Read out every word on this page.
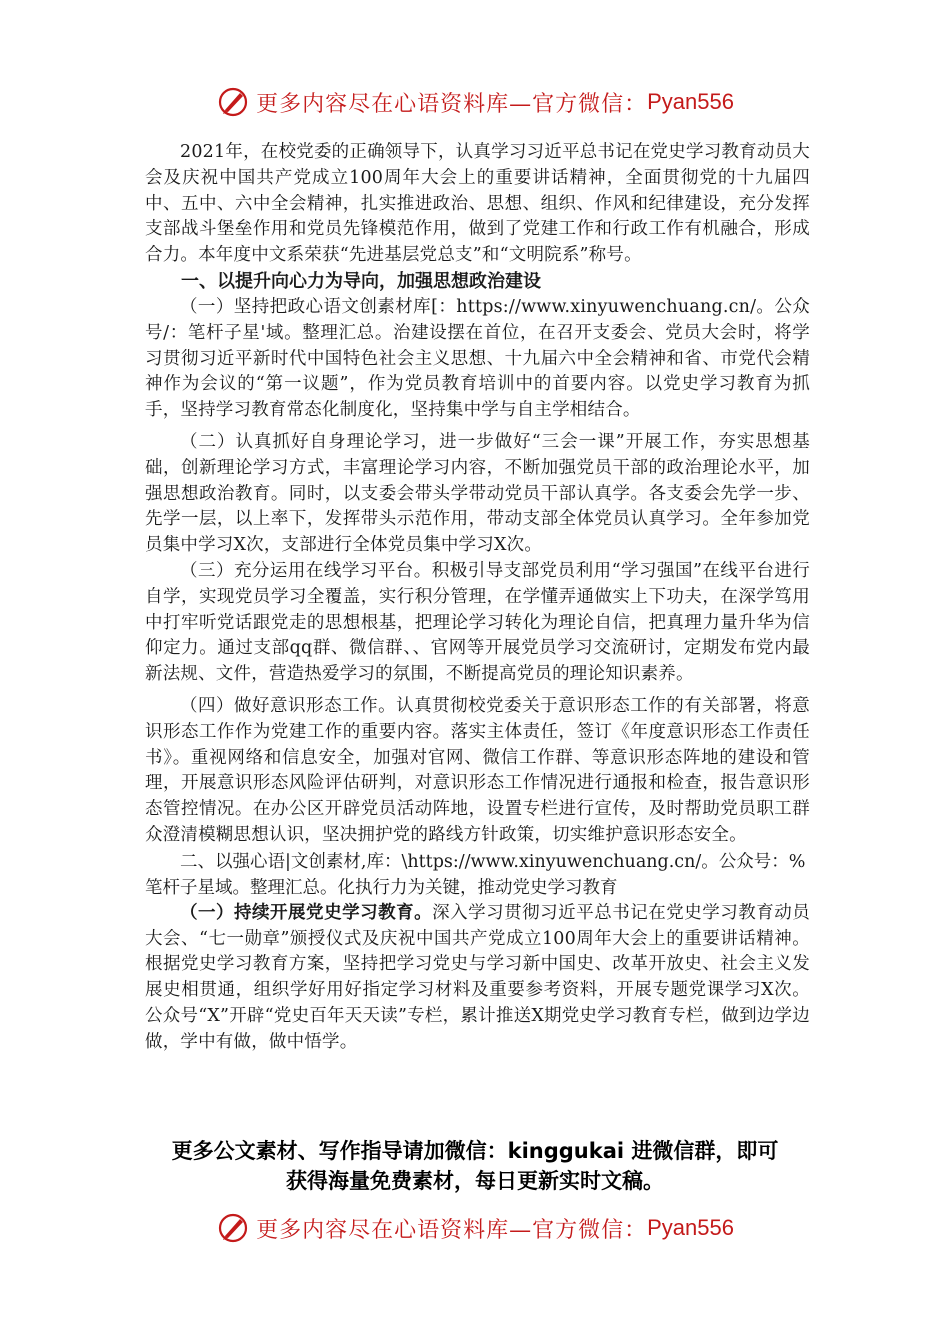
更多内容尽在心语资料库—官方微信： Pyan556

2021年，在校党委的正确领导下，认真学习习近平总书记在党史学习教育动员大会及庆祝中国共产党成立100周年大会上的重要讲话精神，全面贯彻党的十九届四中、五中、六中全会精神，扎实推进政治、思想、组织、作风和纪律建设，充分发挥支部战斗堡垒作用和党员先锋模范作用，做到了党建工作和行政工作有机融合，形成合力。本年度中文系荣获“先进基层党总支”和“文明院系”称号。

一、以提升向心力为导向，加强思想政治建设

（一）坚持把政心语文创素材库[：https://www.xinyuwenchuang.cn/。公众号/：笔杆子星'域。整理汇总。治建设摆在首位，在召开支委会、党员大会时，将学习贯彻习近平新时代中国特色社会主义思想、十九届六中全会精神和省、市党代会精神作为会议的“第一议题”，作为党员教育培训中的首要内容。以党史学习教育为抓手，坚持学习教育常态化制度化，坚持集中学与自主学相结合。

（二）认真抓好自身理论学习，进一步做好“三会一课”开展工作，夯实思想基础，创新理论学习方式，丰富理论学习内容，不断加强党员干部的政治理论水平，加强思想政治教育。同时，以支委会带头学带动党员干部认真学。各支委会先学一步、先学一层，以上率下，发挥带头示范作用，带动支部全体党员认真学习。全年参加党员集中学习X次，支部进行全体党员集中学习X次。

（三）充分运用在线学习平台。积极引导支部党员利用“学习强国”在线平台进行自学，实现党员学习全覆盖，实行积分管理，在学懂弄通做实上下功夫，在深学笃用中打牢听党话跟党走的思想根基，把理论学习转化为理论自信，把真理力量升华为信仰定力。通过支部qq群、微信群、、官网等开展党员学习交流研讨，定期发布党内最新法规、文件，营造热爱学习的氛围，不断提高党员的理论知识素养。

（四）做好意识形态工作。认真贯彻校党委关于意识形态工作的有关部署，将意识形态工作作为党建工作的重要内容。落实主体责任，签订《年度意识形态工作责任书》。重视网络和信息安全，加强对官网、微信工作群、等意识形态阵地的建设和管理，开展意识形态风险评估研判，对意识形态工作情况进行通报和检查，报告意识形态管控情况。在办公区开辟党员活动阵地，设置专栏进行宣传，及时帮助党员职工群众澄清模糊思想认识，坚决拥护党的路线方针政策，切实维护意识形态安全。

二、以强心语|文创素材,库：\https://www.xinyuwenchuang.cn/。公众号：%笔杆子星域。整理汇总。化执行力为关键，推动党史学习教育

（一）持续开展党史学习教育。深入学习贯彻习近平总书记在党史学习教育动员大会、“七一勋章”颁授仪式及庆祝中国共产党成立100周年大会上的重要讲话精神。根据党史学习教育方案，坚持把学习党史与学习新中国史、改革开放史、社会主义发展史相贯通，组织学好用好指定学习材料及重要参考资料，开展专题党课学习X次。公众号“X”开辟“党史百年天天读”专栏，累计推送X期党史学习教育专栏，做到边学边做，学中有做，做中悟学。

更多公文素材、写作指导请加微信：kinggukai 进微信群，即可
获得海量免费素材，每日更新实时文稿。
更多内容尽在心语资料库—官方微信： Pyan556
